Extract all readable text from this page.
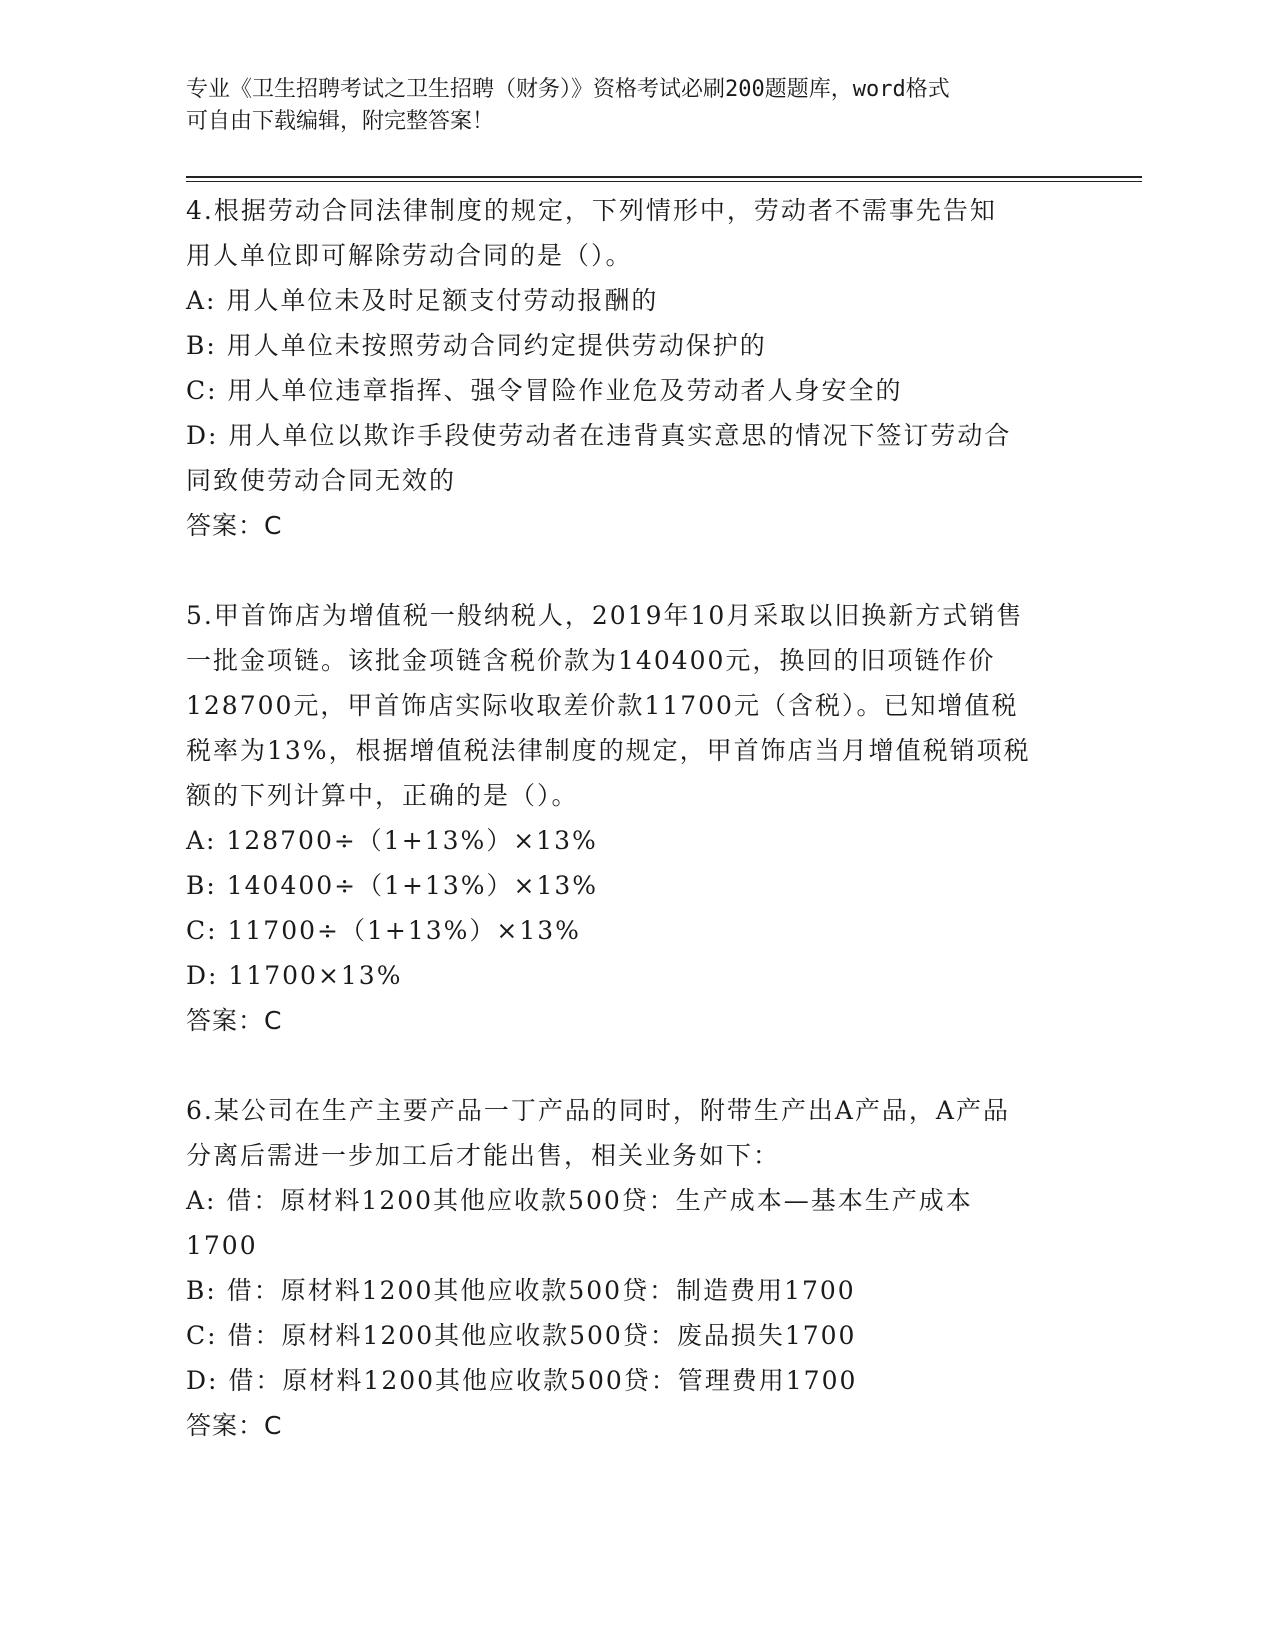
专业《卫生招聘考试之卫生招聘（财务）》资格考试必刷200题题库，word格式
可自由下载编辑，附完整答案！

4.根据劳动合同法律制度的规定，下列情形中，劳动者不需事先告知

用人单位即可解除劳动合同的是（）。

A: 用人单位未及时足额支付劳动报酬的

B: 用人单位未按照劳动合同约定提供劳动保护的

C: 用人单位违章指挥、强令冒险作业危及劳动者人身安全的

D: 用人单位以欺诈手段使劳动者在违背真实意思的情况下签订劳动合

同致使劳动合同无效的

答案：C

5.甲首饰店为增值税一般纳税人，2019年10月采取以旧换新方式销售

一批金项链。该批金项链含税价款为140400元，换回的旧项链作价

128700元，甲首饰店实际收取差价款11700元（含税）。已知增值税

税率为13%，根据增值税法律制度的规定，甲首饰店当月增值税销项税

额的下列计算中，正确的是（）。

A: 128700÷（1+13%）×13%

B: 140400÷（1+13%）×13%

C: 11700÷（1+13%）×13%

D: 11700×13%

答案：C

6.某公司在生产主要产品一丁产品的同时，附带生产出A产品，A产品

分离后需进一步加工后才能出售，相关业务如下：

A: 借：原材料1200其他应收款500贷：生产成本—基本生产成本

1700

B: 借：原材料1200其他应收款500贷：制造费用1700

C: 借：原材料1200其他应收款500贷：废品损失1700

D: 借：原材料1200其他应收款500贷：管理费用1700

答案：C
